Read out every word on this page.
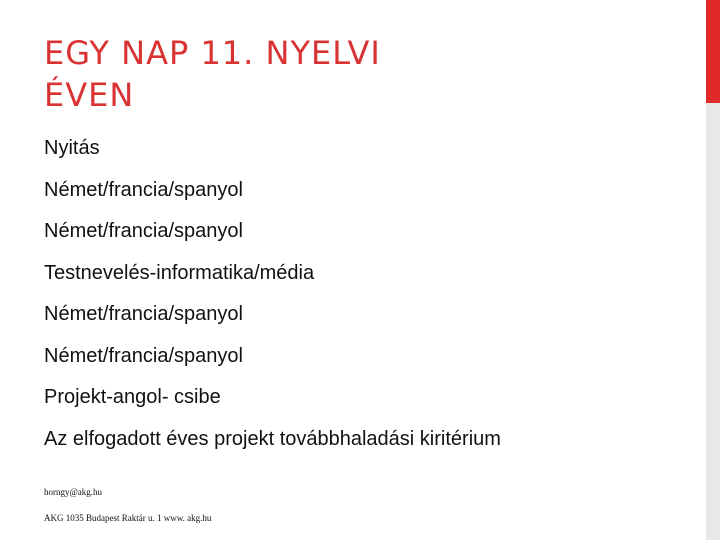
EGY NAP 11. NYELVI
ÉVEN
Nyitás
Német/francia/spanyol
Német/francia/spanyol
Testnevelés-informatika/média
Német/francia/spanyol
Német/francia/spanyol
Projekt-angol- csibe
Az elfogadott éves projekt továbbhaladási kiritérium
horngy@akg.hu
AKG 1035 Budapest Raktár u. 1 www. akg.hu
